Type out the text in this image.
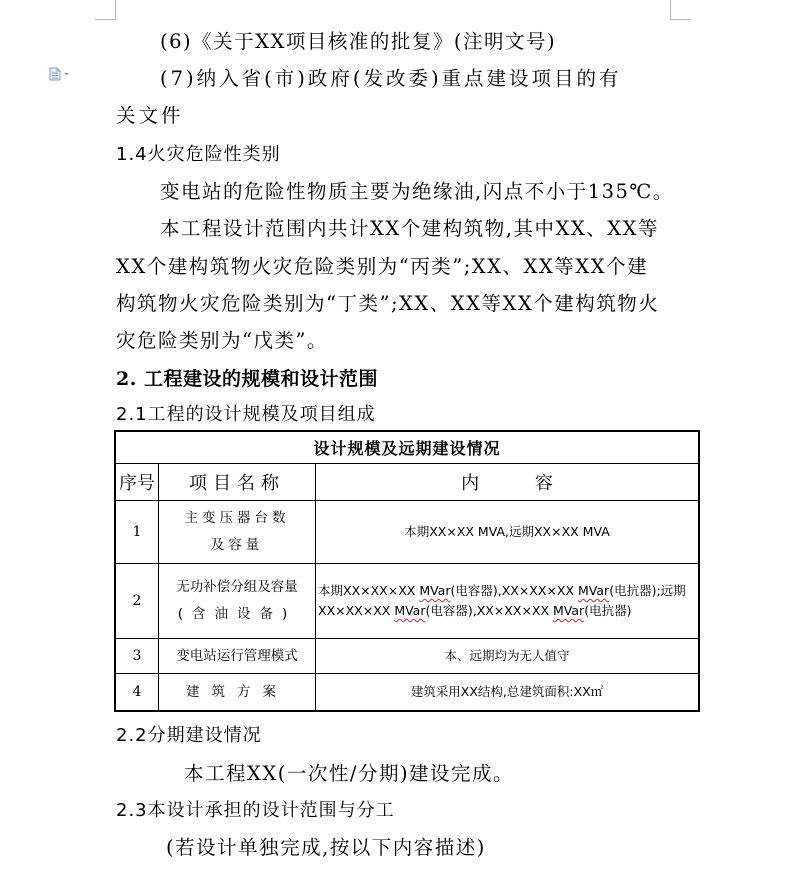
(6)《关于XX项目核准的批复》(注明文号)
(7)纳入省(市)政府(发改委)重点建设项目的有
关文件
1.4火灾危险性类别
变电站的危险性物质主要为绝缘油,闪点不小于135℃。
本工程设计范围内共计XX个建构筑物,其中XX、XX等
XX个建构筑物火灾危险类别为“丙类”;XX、XX等XX个建
构筑物火灾危险类别为“丁类”;XX、XX等XX个建构筑物火
灾危险类别为“戊类”。
2. 工程建设的规模和设计范围
2.1工程的设计规模及项目组成
设计规模及远期建设情况		
序号	项目名称	内 容
1	主变压器台数
及容量	本期XX×XX MVA,远期XX×XX MVA
2	无功补偿分组及容量
(含油设备)	本期XX×XX×XX MVar(电容器),XX×XX×XX MVar(电抗器);远期XX×XX×XX MVar(电容器),XX×XX×XX MVar(电抗器)
3	变电站运行管理模式	本、远期均为无人值守
4	建筑方案	建筑采用XX结构,总建筑面积:XX㎡
2.2分期建设情况
本工程XX(一次性/分期)建设完成。
2.3本设计承担的设计范围与分工
(若设计单独完成,按以下内容描述)
